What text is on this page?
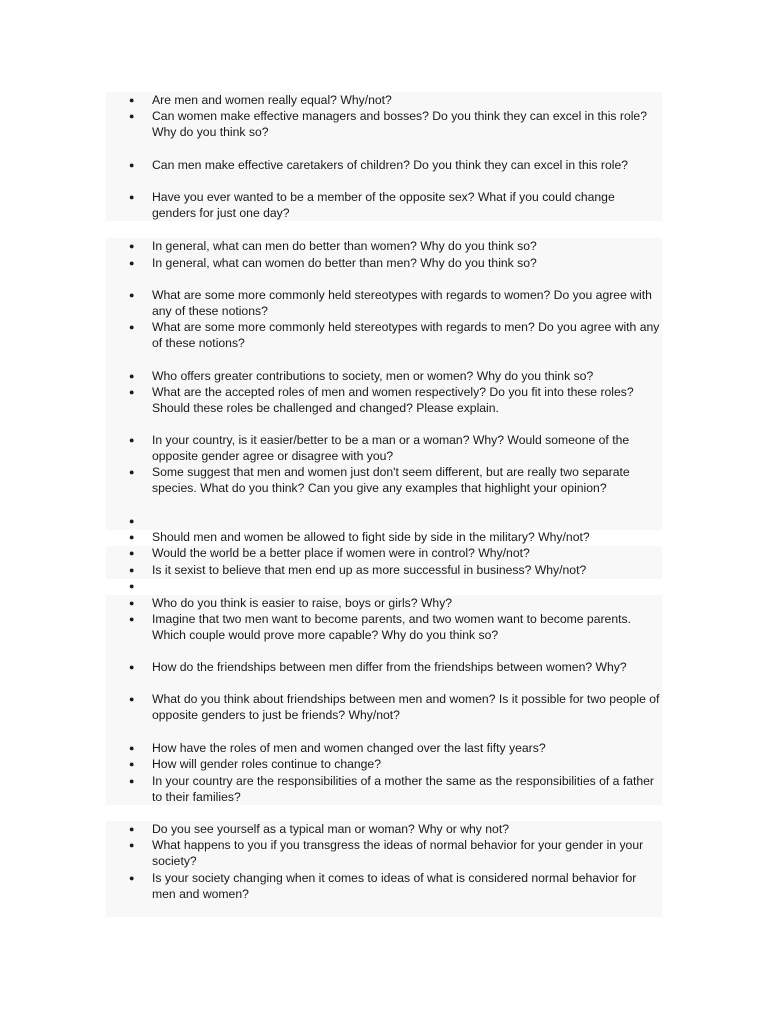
● Are men and women really equal? Why/not?
● Can women make effective managers and bosses? Do you think they can excel in this role? Why do you think so?
● Can men make effective caretakers of children? Do you think they can excel in this role?
● Have you ever wanted to be a member of the opposite sex? What if you could change genders for just one day?
● In general, what can men do better than women? Why do you think so?
● In general, what can women do better than men? Why do you think so?
● What are some more commonly held stereotypes with regards to women? Do you agree with any of these notions?
● What are some more commonly held stereotypes with regards to men? Do you agree with any of these notions?
● Who offers greater contributions to society, men or women? Why do you think so?
● What are the accepted roles of men and women respectively? Do you fit into these roles? Should these roles be challenged and changed? Please explain.
● In your country, is it easier/better to be a man or a woman? Why? Would someone of the opposite gender agree or disagree with you?
● Some suggest that men and women just don't seem different, but are really two separate species. What do you think? Can you give any examples that highlight your opinion?
●
● Should men and women be allowed to fight side by side in the military? Why/not?
● Would the world be a better place if women were in control? Why/not?
● Is it sexist to believe that men end up as more successful in business? Why/not?
●
● Who do you think is easier to raise, boys or girls? Why?
● Imagine that two men want to become parents, and two women want to become parents. Which couple would prove more capable? Why do you think so?
● How do the friendships between men differ from the friendships between women? Why?
● What do you think about friendships between men and women? Is it possible for two people of opposite genders to just be friends? Why/not?
● How have the roles of men and women changed over the last fifty years?
● How will gender roles continue to change?
● In your country are the responsibilities of a mother the same as the responsibilities of a father to their families?
● Do you see yourself as a typical man or woman? Why or why not?
● What happens to you if you transgress the ideas of normal behavior for your gender in your society?
● Is your society changing when it comes to ideas of what is considered normal behavior for men and women?
